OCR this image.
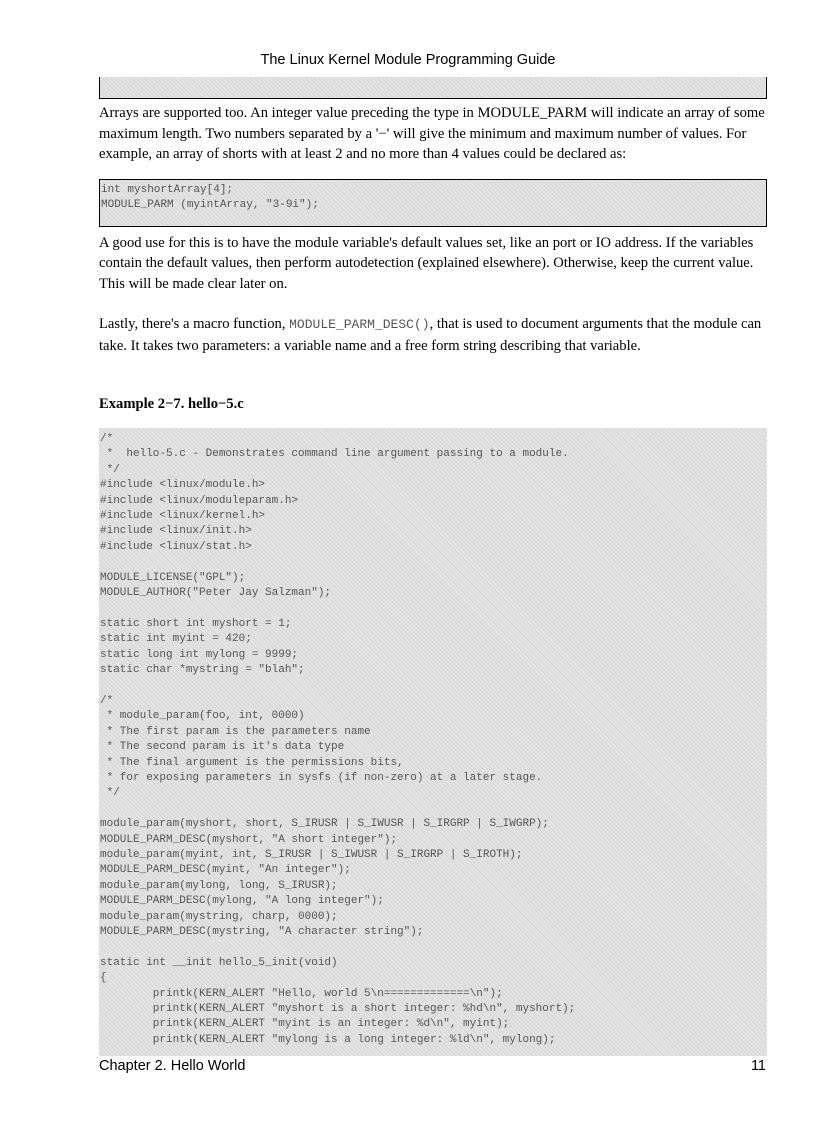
The Linux Kernel Module Programming Guide

Arrays are supported too. An integer value preceding the type in MODULE_PARM will indicate an array of some maximum length. Two numbers separated by a '−' will give the minimum and maximum number of values. For example, an array of shorts with at least 2 and no more than 4 values could be declared as:

int myshortArray[4];
MODULE_PARM (myintArray, "3-9i");

A good use for this is to have the module variable's default values set, like an port or IO address. If the variables contain the default values, then perform autodetection (explained elsewhere). Otherwise, keep the current value. This will be made clear later on.

Lastly, there's a macro function, MODULE_PARM_DESC(), that is used to document arguments that the module can take. It takes two parameters: a variable name and a free form string describing that variable.

Example 2−7. hello−5.c
/*
*  hello-5.c - Demonstrates command line argument passing to a module.
*/
#include <linux/module.h>
#include <linux/moduleparam.h>
#include <linux/kernel.h>
#include <linux/init.h>
#include <linux/stat.h>

MODULE_LICENSE("GPL");
MODULE_AUTHOR("Peter Jay Salzman");

static short int myshort = 1;
static int myint = 420;
static long int mylong = 9999;
static char *mystring = "blah";

/*
* module_param(foo, int, 0000)
* The first param is the parameters name
* The second param is it's data type
* The final argument is the permissions bits,
* for exposing parameters in sysfs (if non-zero) at a later stage.
*/

module_param(myshort, short, S_IRUSR | S_IWUSR | S_IRGRP | S_IWGRP);
MODULE_PARM_DESC(myshort, "A short integer");
module_param(myint, int, S_IRUSR | S_IWUSR | S_IRGRP | S_IROTH);
MODULE_PARM_DESC(myint, "An integer");
module_param(mylong, long, S_IRUSR);
MODULE_PARM_DESC(mylong, "A long integer");
module_param(mystring, charp, 0000);
MODULE_PARM_DESC(mystring, "A character string");

static int __init hello_5_init(void)
{
printk(KERN_ALERT "Hello, world 5\n=============\n");
printk(KERN_ALERT "myshort is a short integer: %hd\n", myshort);
printk(KERN_ALERT "myint is an integer: %d\n", myint);
printk(KERN_ALERT "mylong is a long integer: %ld\n", mylong);
Chapter 2. Hello World	11
